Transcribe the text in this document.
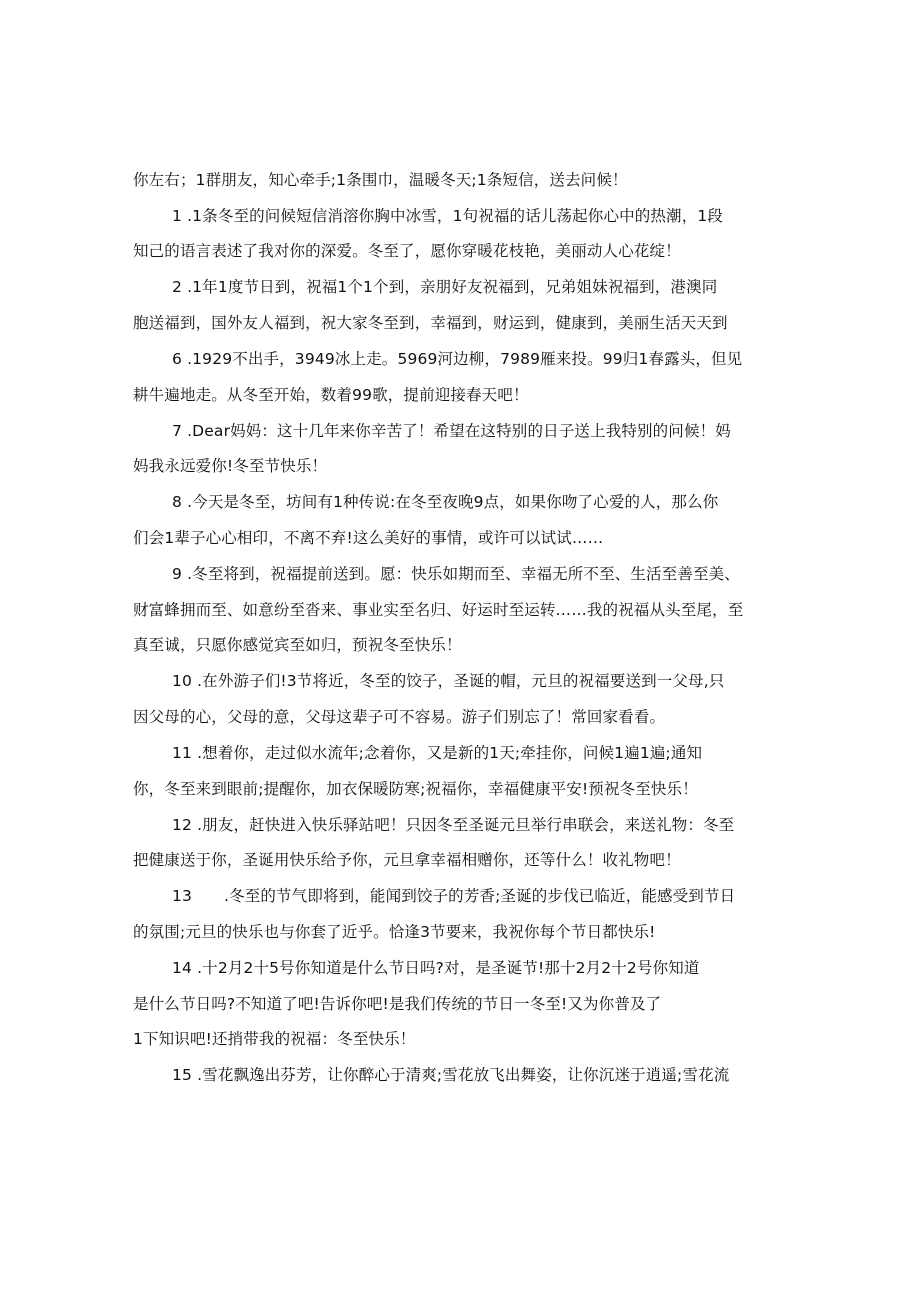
你左右；1群朋友，知心牵手;1条围巾，温暖冬天;1条短信，送去问候！
1 .1条冬至的问候短信消溶你胸中冰雪，1句祝福的话儿荡起你心中的热潮，1段
知己的语言表述了我对你的深爱。冬至了，愿你穿暖花枝艳，美丽动人心花绽！
2 .1年1度节日到，祝福1个1个到，亲朋好友祝福到，兄弟姐妹祝福到，港澳同
胞送福到，国外友人福到，祝大家冬至到，幸福到，财运到，健康到，美丽生活天天到
6 .1929不出手，3949冰上走。5969河边柳，7989雁来投。99归1春露头，但见
耕牛遍地走。从冬至开始，数着99歌，提前迎接春天吧！
7 .Dear妈妈：这十几年来你辛苦了！希望在这特别的日子送上我特别的问候！妈
妈我永远爱你!冬至节快乐！
8 .今天是冬至，坊间有1种传说:在冬至夜晚9点，如果你吻了心爱的人，那么你
们会1辈子心心相印，不离不弃!这么美好的事情，或许可以试试……
9 .冬至将到，祝福提前送到。愿：快乐如期而至、幸福无所不至、生活至善至美、
财富蜂拥而至、如意纷至沓来、事业实至名归、好运时至运转……我的祝福从头至尾，至
真至诚，只愿你感觉宾至如归，预祝冬至快乐！
10 .在外游子们!3节将近，冬至的饺子，圣诞的帽，元旦的祝福要送到一父母,只
因父母的心，父母的意，父母这辈子可不容易。游子们别忘了！常回家看看。
11 .想着你，走过似水流年;念着你，又是新的1天;牵挂你，问候1遍1遍;通知
你，冬至来到眼前;提醒你，加衣保暖防寒;祝福你，幸福健康平安!预祝冬至快乐！
12 .朋友，赶快进入快乐驿站吧！只因冬至圣诞元旦举行串联会，来送礼物：冬至
把健康送于你，圣诞用快乐给予你，元旦拿幸福相赠你，还等什么！收礼物吧！
13 .冬至的节气即将到，能闻到饺子的芳香;圣诞的步伐已临近，能感受到节日
的氛围;元旦的快乐也与你套了近乎。恰逢3节要来，我祝你每个节日都快乐!
14 .十2月2十5号你知道是什么节日吗?对，是圣诞节!那十2月2十2号你知道
是什么节日吗?不知道了吧!告诉你吧!是我们传统的节日一冬至!又为你普及了
1下知识吧!还捎带我的祝福：冬至快乐！
15 .雪花飘逸出芬芳，让你醉心于清爽;雪花放飞出舞姿，让你沉迷于逍遥;雪花流
